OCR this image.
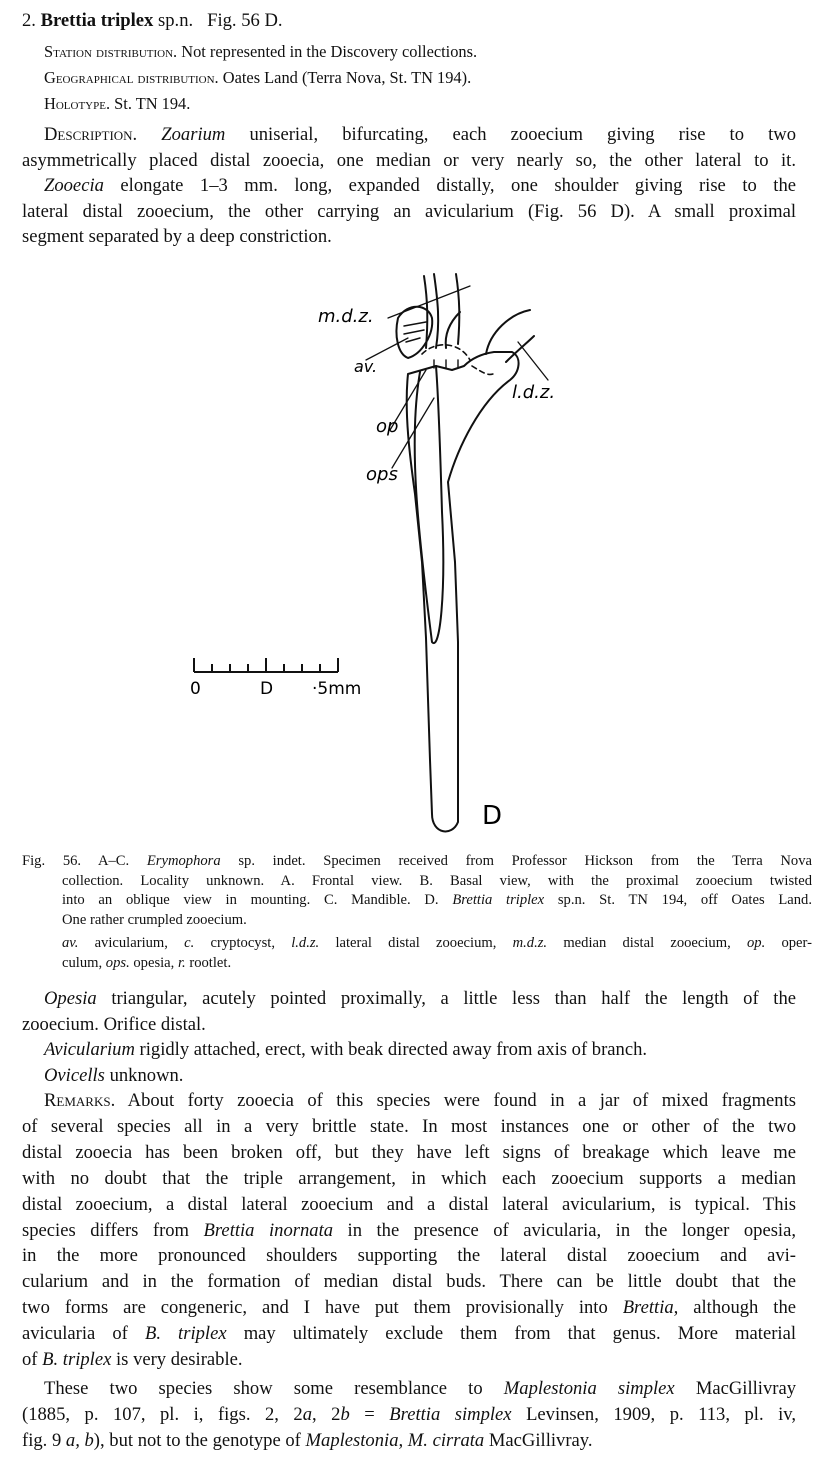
2. Brettia triplex sp.n. Fig. 56 D.
Station distribution. Not represented in the Discovery collections.
Geographical distribution. Oates Land (Terra Nova, St. TN 194).
Holotype. St. TN 194.
Description. Zoarium uniserial, bifurcating, each zooecium giving rise to two
asymmetrically placed distal zooecia, one median or very nearly so, the other lateral to it.
Zooecia elongate 1–3 mm. long, expanded distally, one shoulder giving rise to the
lateral distal zooecium, the other carrying an avicularium (Fig. 56 D). A small proximal
segment separated by a deep constriction.
m.d.z.
av.
l.d.z.
op
ops
D
0	D ·5mm
Fig. 56. A–C. Erymophora sp. indet. Specimen received from Professor Hickson from the Terra Nova
collection. Locality unknown. A. Frontal view. B. Basal view, with the proximal zooecium twisted
into an oblique view in mounting. C. Mandible. D. Brettia triplex sp.n. St. TN 194, off Oates Land.
One rather crumpled zooecium.
av. avicularium, c. cryptocyst, l.d.z. lateral distal zooecium, m.d.z. median distal zooecium, op. oper-
culum, ops. opesia, r. rootlet.
Opesia triangular, acutely pointed proximally, a little less than half the length of the
zooecium. Orifice distal.
Avicularium rigidly attached, erect, with beak directed away from axis of branch.
Ovicells unknown.
Remarks. About forty zooecia of this species were found in a jar of mixed fragments
of several species all in a very brittle state. In most instances one or other of the two
distal zooecia has been broken off, but they have left signs of breakage which leave me
with no doubt that the triple arrangement, in which each zooecium supports a median
distal zooecium, a distal lateral zooecium and a distal lateral avicularium, is typical. This
species differs from Brettia inornata in the presence of avicularia, in the longer opesia,
in the more pronounced shoulders supporting the lateral distal zooecium and avi-
cularium and in the formation of median distal buds. There can be little doubt that the
two forms are congeneric, and I have put them provisionally into Brettia, although the
avicularia of B. triplex may ultimately exclude them from that genus. More material
of B. triplex is very desirable.
These two species show some resemblance to Maplestonia simplex MacGillivray
(1885, p. 107, pl. i, figs. 2, 2a, 2b = Brettia simplex Levinsen, 1909, p. 113, pl. iv,
fig. 9 a, b), but not to the genotype of Maplestonia, M. cirrata MacGillivray.
